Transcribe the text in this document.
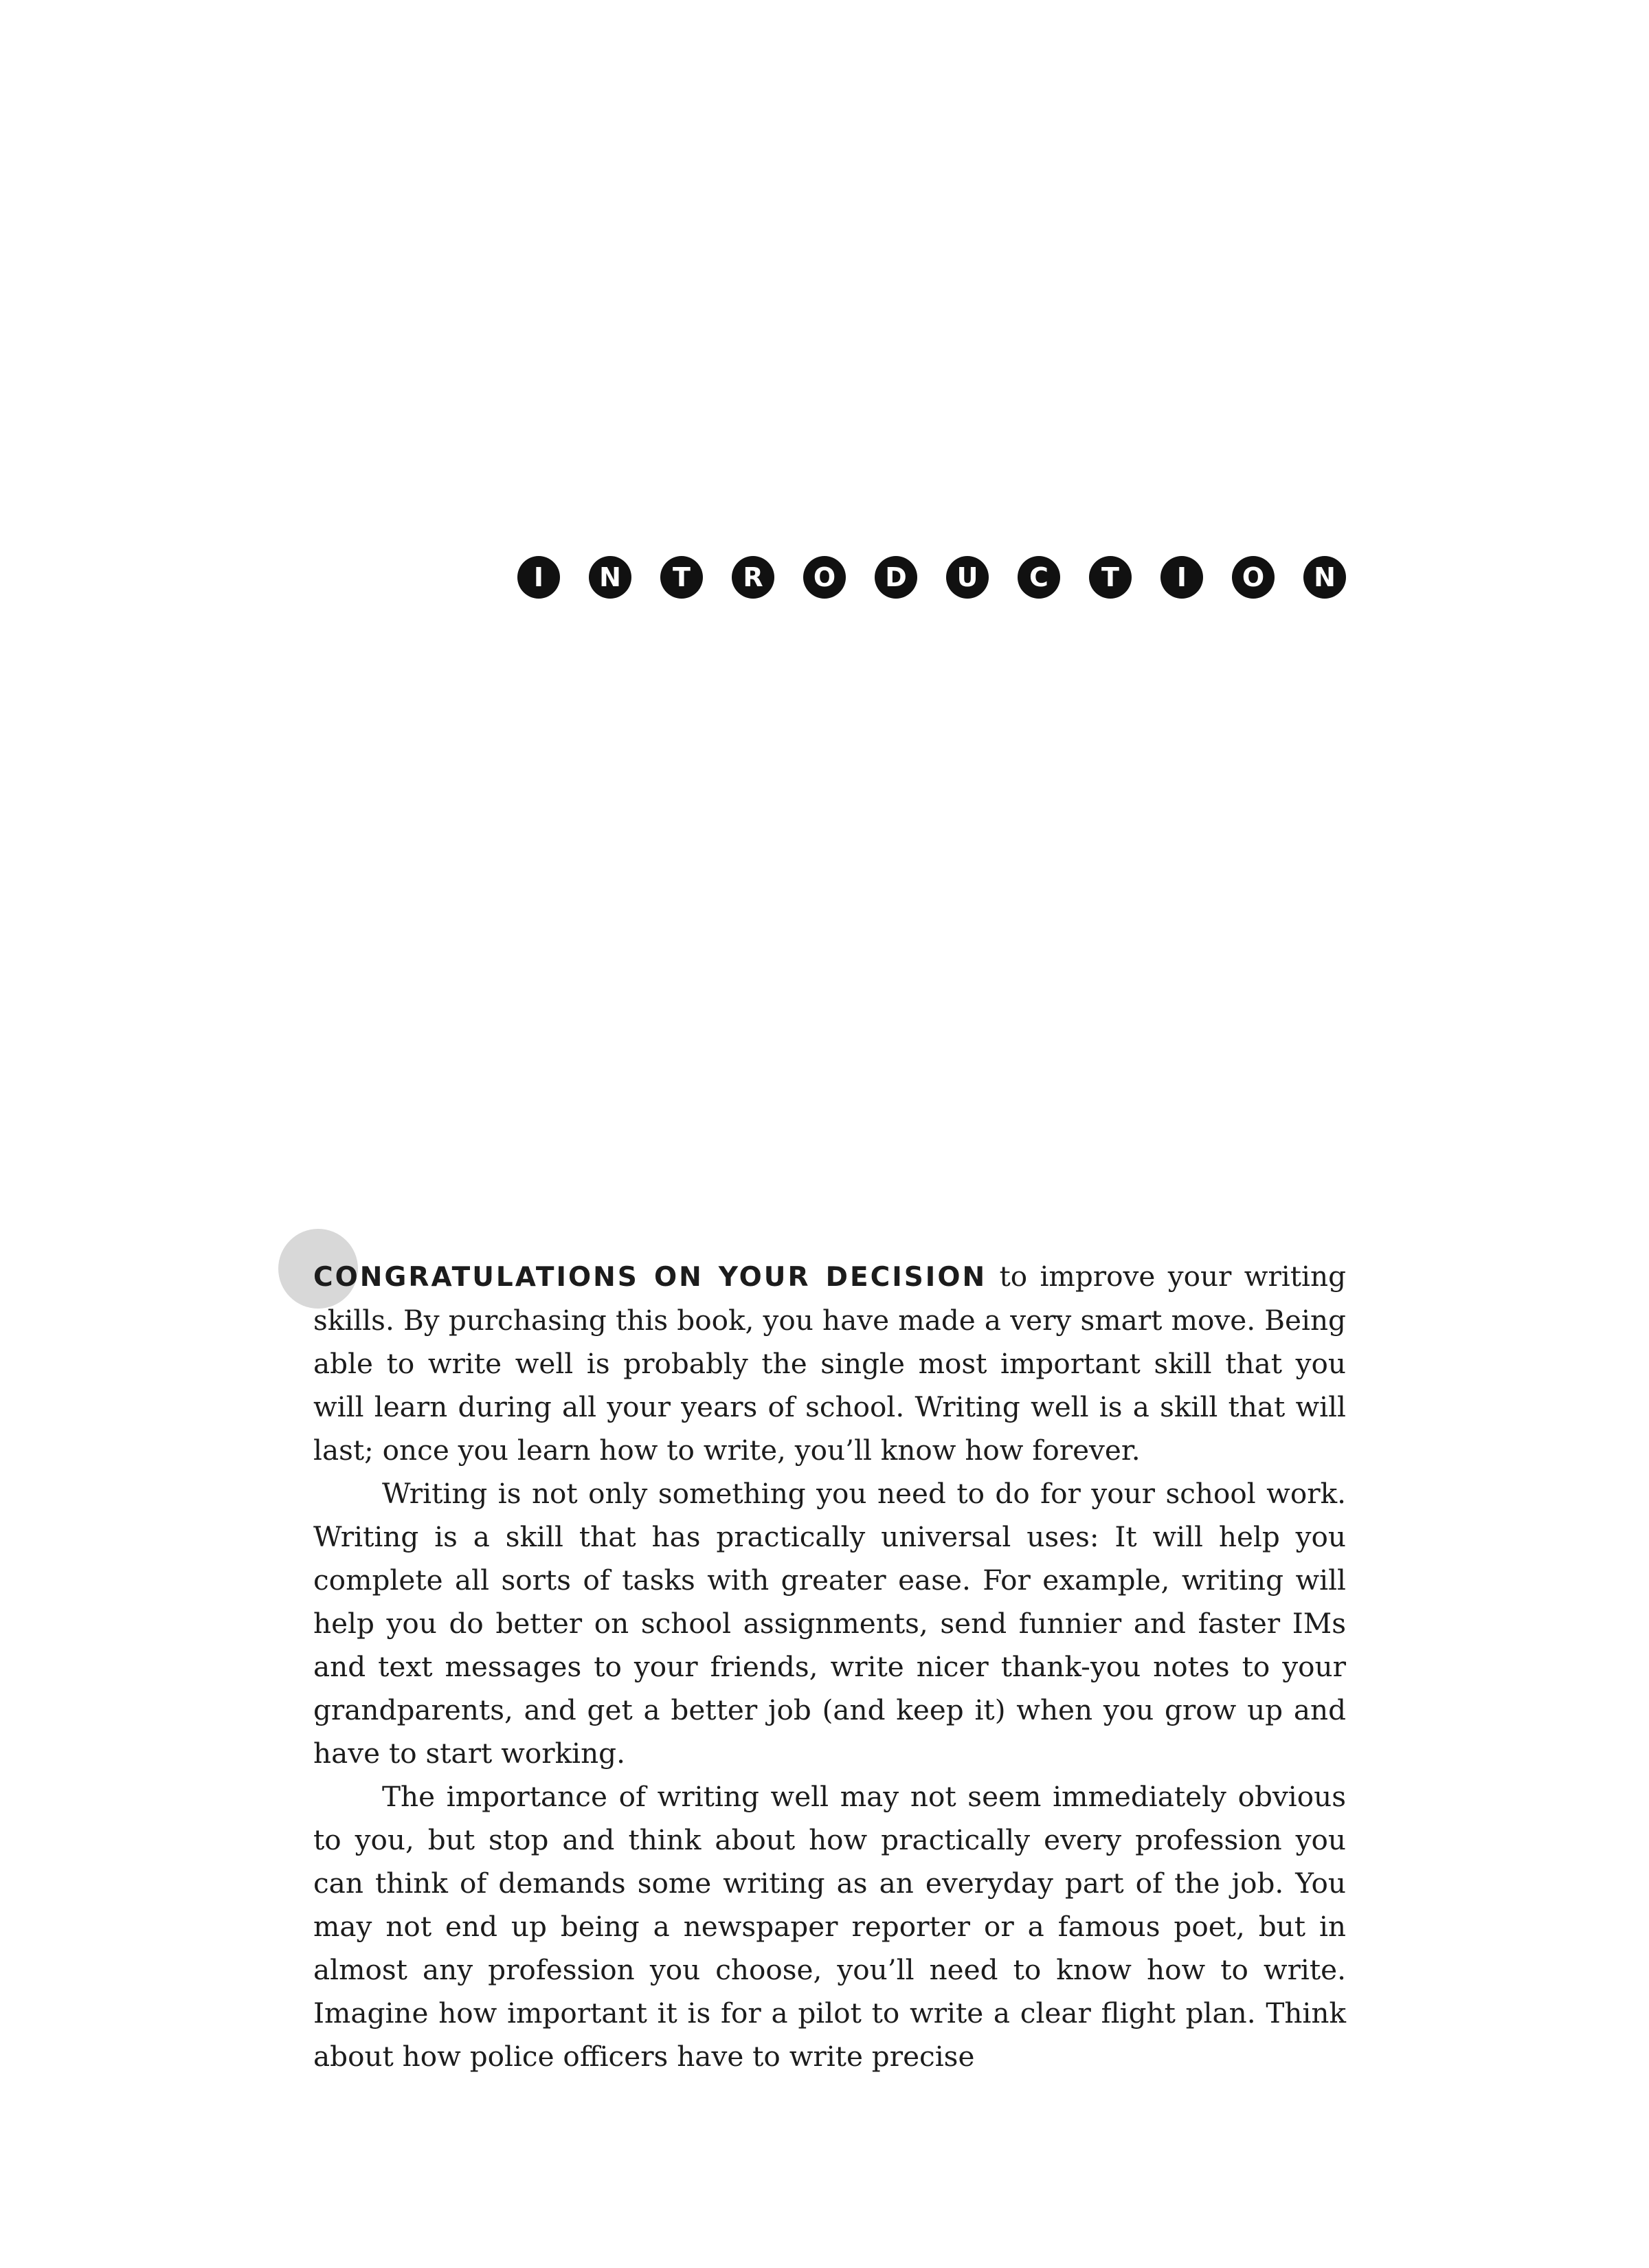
I	N	T	R	O	D	U	C	T	I	O	N

CONGRATULATIONS ON YOUR DECISION to improve your writing skills. By purchasing this book, you have made a very smart move. Being able to write well is probably the single most important skill that you will learn during all your years of school. Writing well is a skill that will last; once you learn how to write, you’ll know how forever.

Writing is not only something you need to do for your school work. Writing is a skill that has practically universal uses: It will help you complete all sorts of tasks with greater ease. For example, writing will help you do better on school assignments, send funnier and faster IMs and text messages to your friends, write nicer thank-you notes to your grandparents, and get a better job (and keep it) when you grow up and have to start working.

The importance of writing well may not seem immediately obvious to you, but stop and think about how practically every profession you can think of demands some writing as an everyday part of the job. You may not end up being a newspaper reporter or a famous poet, but in almost any profession you choose, you’ll need to know how to write. Imagine how important it is for a pilot to write a clear flight plan. Think about how police officers have to write precise
